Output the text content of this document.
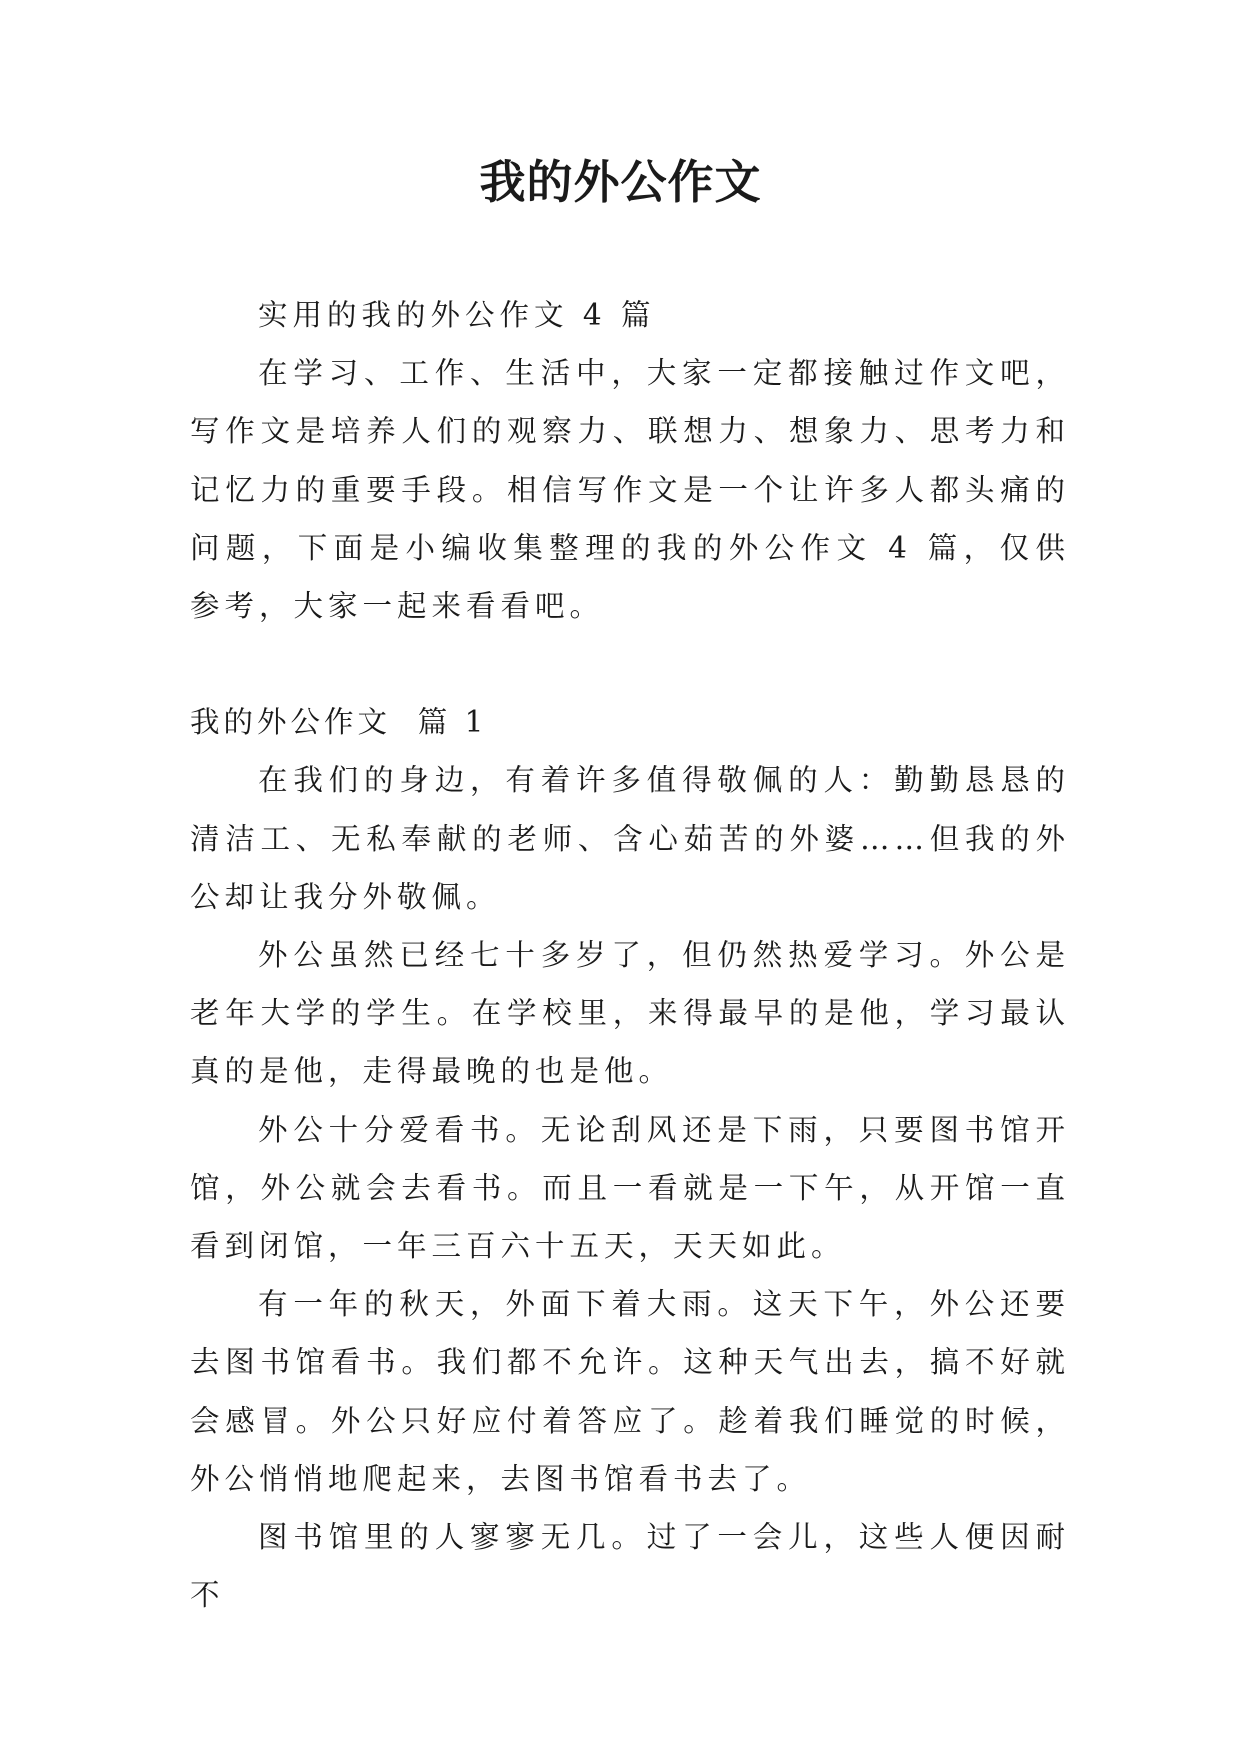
我的外公作文

实用的我的外公作文 4 篇

在学习、工作、生活中，大家一定都接触过作文吧，写作文是培养人们的观察力、联想力、想象力、思考力和记忆力的重要手段。相信写作文是一个让许多人都头痛的问题，下面是小编收集整理的我的外公作文 4 篇，仅供参考，大家一起来看看吧。

我的外公作文  篇 1

在我们的身边，有着许多值得敬佩的人：勤勤恳恳的清洁工、无私奉献的老师、含心茹苦的外婆……但我的外公却让我分外敬佩。

外公虽然已经七十多岁了，但仍然热爱学习。外公是老年大学的学生。在学校里，来得最早的是他，学习最认真的是他，走得最晚的也是他。

外公十分爱看书。无论刮风还是下雨，只要图书馆开馆，外公就会去看书。而且一看就是一下午，从开馆一直看到闭馆，一年三百六十五天，天天如此。

有一年的秋天，外面下着大雨。这天下午，外公还要去图书馆看书。我们都不允许。这种天气出去，搞不好就会感冒。外公只好应付着答应了。趁着我们睡觉的时候，外公悄悄地爬起来，去图书馆看书去了。

图书馆里的人寥寥无几。过了一会儿，这些人便因耐不
